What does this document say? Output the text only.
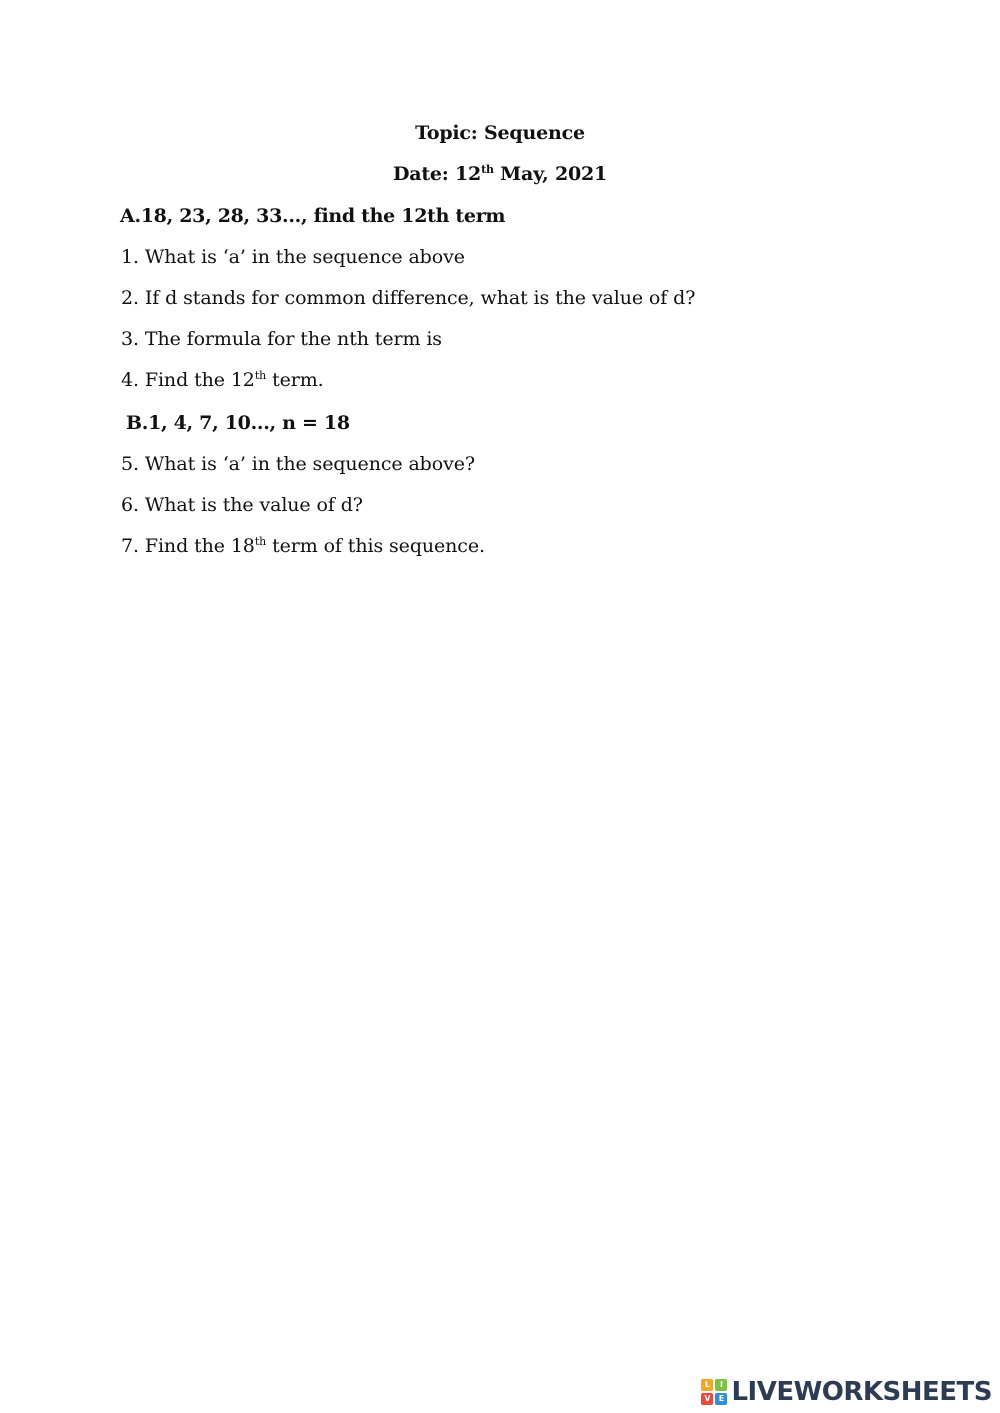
Topic: Sequence
Date: 12th May, 2021
A.18, 23, 28, 33..., find the 12th term
1. What is ‘a’ in the sequence above
2. If d stands for common difference, what is the value of d?
3. The formula for the nth term is
4. Find the 12th term.
B.1, 4, 7, 10..., n = 18
5. What is ‘a’ in the sequence above?
6. What is the value of d?
7. Find the 18th term of this sequence.
L	I
V	E LIVEWORKSHEETS
